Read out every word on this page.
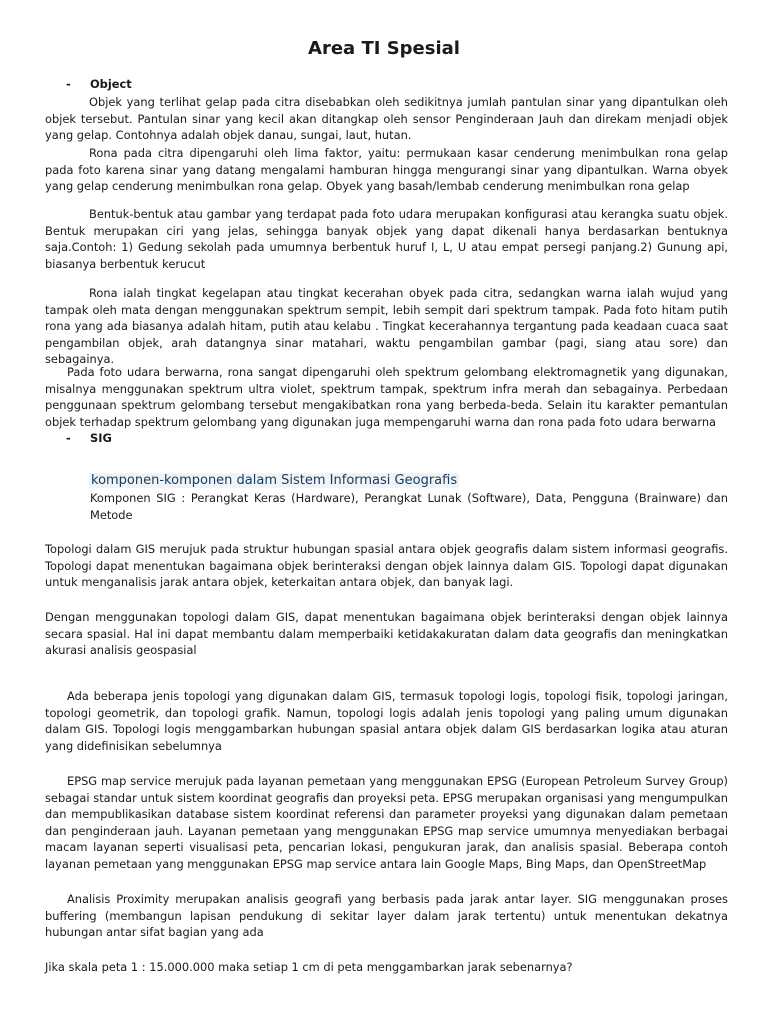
Area TI Spesial
- Object

Objek yang terlihat gelap pada citra disebabkan oleh sedikitnya jumlah pantulan sinar yang dipantulkan oleh objek tersebut. Pantulan sinar yang kecil akan ditangkap oleh sensor Penginderaan Jauh dan direkam menjadi objek yang gelap. Contohnya adalah objek danau, sungai, laut, hutan.

Rona pada citra dipengaruhi oleh lima faktor, yaitu: permukaan kasar cenderung menimbulkan rona gelap pada foto karena sinar yang datang mengalami hamburan hingga mengurangi sinar yang dipantulkan. Warna obyek yang gelap cenderung menimbulkan rona gelap. Obyek yang basah/lembab cenderung menimbulkan rona gelap

Bentuk-bentuk atau gambar yang terdapat pada foto udara merupakan konfigurasi atau kerangka suatu objek. Bentuk merupakan ciri yang jelas, sehingga banyak objek yang dapat dikenali hanya berdasarkan bentuknya saja.Contoh: 1) Gedung sekolah pada umumnya berbentuk huruf I, L, U atau empat persegi panjang.2) Gunung api, biasanya berbentuk kerucut

Rona ialah tingkat kegelapan atau tingkat kecerahan obyek pada citra, sedangkan warna ialah wujud yang tampak oleh mata dengan menggunakan spektrum sempit, lebih sempit dari spektrum tampak. Pada foto hitam putih rona yang ada biasanya adalah hitam, putih atau kelabu . Tingkat kecerahannya tergantung pada keadaan cuaca saat pengambilan objek, arah datangnya sinar matahari, waktu pengambilan gambar (pagi, siang atau sore) dan sebagainya.

Pada foto udara berwarna, rona sangat dipengaruhi oleh spektrum gelombang elektromagnetik yang digunakan, misalnya menggunakan spektrum ultra violet, spektrum tampak, spektrum infra merah dan sebagainya. Perbedaan penggunaan spektrum gelombang tersebut mengakibatkan rona yang berbeda-beda. Selain itu karakter pemantulan objek terhadap spektrum gelombang yang digunakan juga mempengaruhi warna dan rona pada foto udara berwarna

- SIG
komponen-komponen dalam Sistem Informasi Geografis

Komponen SIG : Perangkat Keras (Hardware), Perangkat Lunak (Software), Data, Pengguna (Brainware) dan Metode

Topologi dalam GIS merujuk pada struktur hubungan spasial antara objek geografis dalam sistem informasi geografis. Topologi dapat menentukan bagaimana objek berinteraksi dengan objek lainnya dalam GIS. Topologi dapat digunakan untuk menganalisis jarak antara objek, keterkaitan antara objek, dan banyak lagi.

Dengan menggunakan topologi dalam GIS, dapat menentukan bagaimana objek berinteraksi dengan objek lainnya secara spasial. Hal ini dapat membantu dalam memperbaiki ketidakakuratan dalam data geografis dan meningkatkan akurasi analisis geospasial

Ada beberapa jenis topologi yang digunakan dalam GIS, termasuk topologi logis, topologi fisik, topologi jaringan, topologi geometrik, dan topologi grafik. Namun, topologi logis adalah jenis topologi yang paling umum digunakan dalam GIS. Topologi logis menggambarkan hubungan spasial antara objek dalam GIS berdasarkan logika atau aturan yang didefinisikan sebelumnya

EPSG map service merujuk pada layanan pemetaan yang menggunakan EPSG (European Petroleum Survey Group) sebagai standar untuk sistem koordinat geografis dan proyeksi peta. EPSG merupakan organisasi yang mengumpulkan dan mempublikasikan database sistem koordinat referensi dan parameter proyeksi yang digunakan dalam pemetaan dan penginderaan jauh. Layanan pemetaan yang menggunakan EPSG map service umumnya menyediakan berbagai macam layanan seperti visualisasi peta, pencarian lokasi, pengukuran jarak, dan analisis spasial. Beberapa contoh layanan pemetaan yang menggunakan EPSG map service antara lain Google Maps, Bing Maps, dan OpenStreetMap

Analisis Proximity merupakan analisis geografi yang berbasis pada jarak antar layer. SIG menggunakan proses buffering (membangun lapisan pendukung di sekitar layer dalam jarak tertentu) untuk menentukan dekatnya hubungan antar sifat bagian yang ada

Jika skala peta 1 : 15.000.000 maka setiap 1 cm di peta menggambarkan jarak sebenarnya?
